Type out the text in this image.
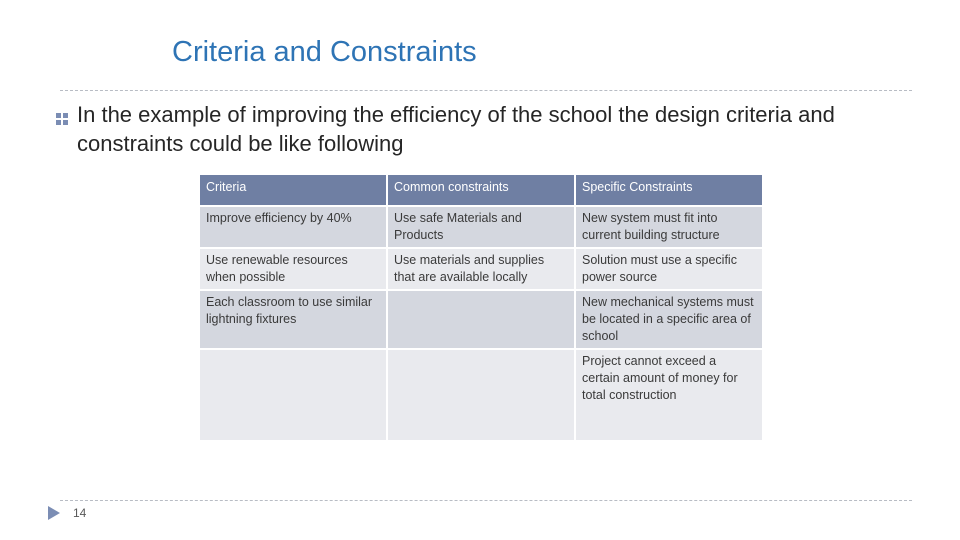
Criteria and Constraints
In the example of improving the efficiency of the school the design criteria and constraints could be like following
Criteria	Common constraints	Specific Constraints
Improve efficiency by 40%	Use safe Materials and Products	New system must fit into current building structure
Use renewable resources when possible	Use materials and supplies that are available locally	Solution must use a specific power source
Each classroom to use similar lightning fixtures		New mechanical systems must be located in a specific area of school
		Project cannot exceed a certain amount of money for total construction
14
